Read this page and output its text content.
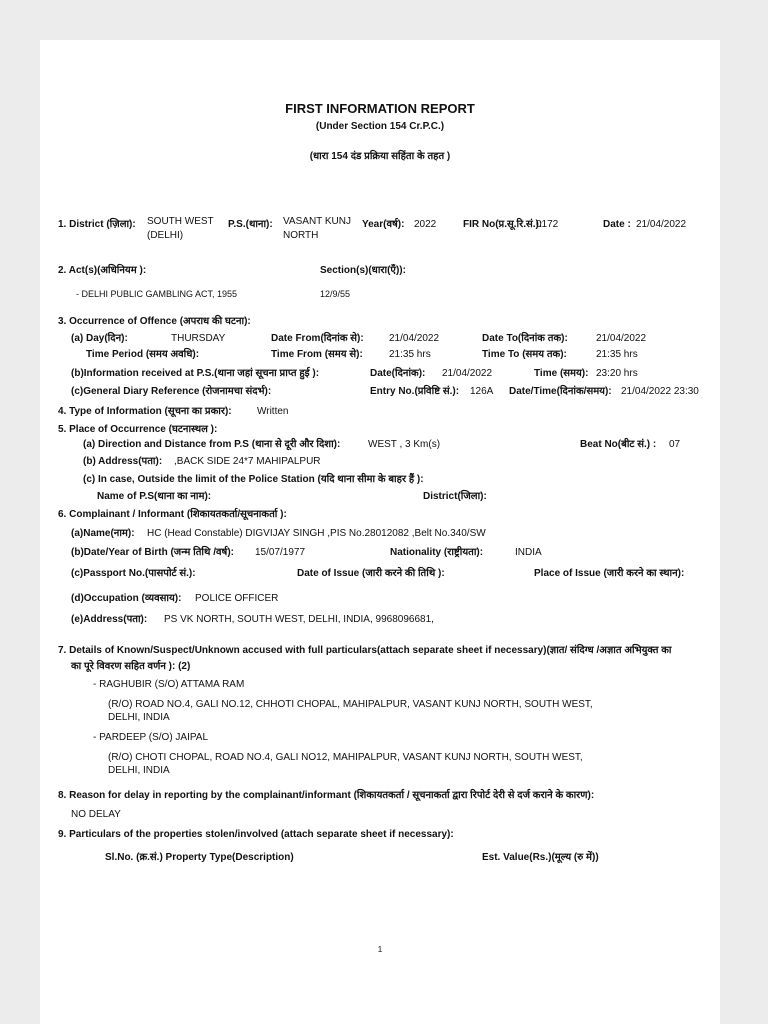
FIRST INFORMATION REPORT
(Under Section 154 Cr.P.C.)
(धारा 154 दंड प्रक्रिया सहिंता के तहत )
1. District (ज़िला): SOUTH WEST
(DELHI)
P.S.(थाना): VASANT KUNJ
NORTH
Year(वर्ष): 2022	FIR No(प्र.सू.रि.सं.):
0172	Date : 21/04/2022
2. Act(s)(अधिनियम ):	Section(s)(धारा(एँ)):
- DELHI PUBLIC GAMBLING ACT, 1955	12/9/55
3. Occurrence of Offence (अपराध की घटना):
(a) Day(दिन):	THURSDAY	Date From(दिनांक से):	21/04/2022	Date To(दिनांक तक):	21/04/2022
Time Period (समय अवधि):	Time From (समय से):	21:35 hrs	Time To (समय तक):	21:35 hrs
(b)Information received at P.S.(थाना जहां सूचना प्राप्त हुई ):	Date(दिनांक): 21/04/2022	Time (समय): 23:20 hrs
(c)General Diary Reference (रोजनामचा संदर्भ):	Entry No.(प्रविष्टि सं.): 126A Date/Time(दिनांक/समय): 21/04/2022 23:30
4. Type of Information (सूचना का प्रकार):	Written
5. Place of Occurrence (घटनास्थल ):
(a) Direction and Distance from P.S (थाना से दूरी और दिशा):	WEST , 3 Km(s)	Beat No(बीट सं.) : 07
(b) Address(पता): ,BACK SIDE 24*7 MAHIPALPUR
(c) In case, Outside the limit of the Police Station (यदि थाना सीमा के बाहर हैं ):
Name of P.S(थाना का नाम):	District(जिला):
6. Complainant / Informant (शिकायतकर्ता/सूचनाकर्ता ):
(a)Name(नाम): HC (Head Constable) DIGVIJAY SINGH ,PIS No.28012082 ,Belt No.340/SW
(b)Date/Year of Birth (जन्म तिथि /वर्ष): 15/07/1977	Nationality (राष्ट्रीयता):	INDIA
(c)Passport No.(पासपोर्ट सं.):	Date of Issue (जारी करने की तिथि ):	Place of Issue (जारी करने का स्थान):
(d)Occupation (व्यवसाय): POLICE OFFICER
(e)Address(पता): PS VK NORTH, SOUTH WEST, DELHI, INDIA, 9968096681,
7. Details of Known/Suspect/Unknown accused with full particulars(attach separate sheet if necessary)(ज्ञात/ संदिग्ध /अज्ञात अभियुक्त का
का पूरे विवरण सहित वर्णन ): (2)
- RAGHUBIR (S/O) ATTAMA RAM
(R/O) ROAD NO.4, GALI NO.12, CHHOTI CHOPAL, MAHIPALPUR, VASANT KUNJ NORTH, SOUTH WEST,
DELHI, INDIA
- PARDEEP (S/O) JAIPAL
(R/O) CHOTI CHOPAL, ROAD NO.4, GALI NO12, MAHIPALPUR, VASANT KUNJ NORTH, SOUTH WEST,
DELHI, INDIA
8. Reason for delay in reporting by the complainant/informant (शिकायतकर्ता / सूचनाकर्ता द्वारा रिपोर्ट देरी से दर्ज कराने के कारण):
NO DELAY
9. Particulars of the properties stolen/involved (attach separate sheet if necessary):
Sl.No. (क्र.सं.) Property Type(Description)	Est. Value(Rs.)(मूल्य (रु में))
1
